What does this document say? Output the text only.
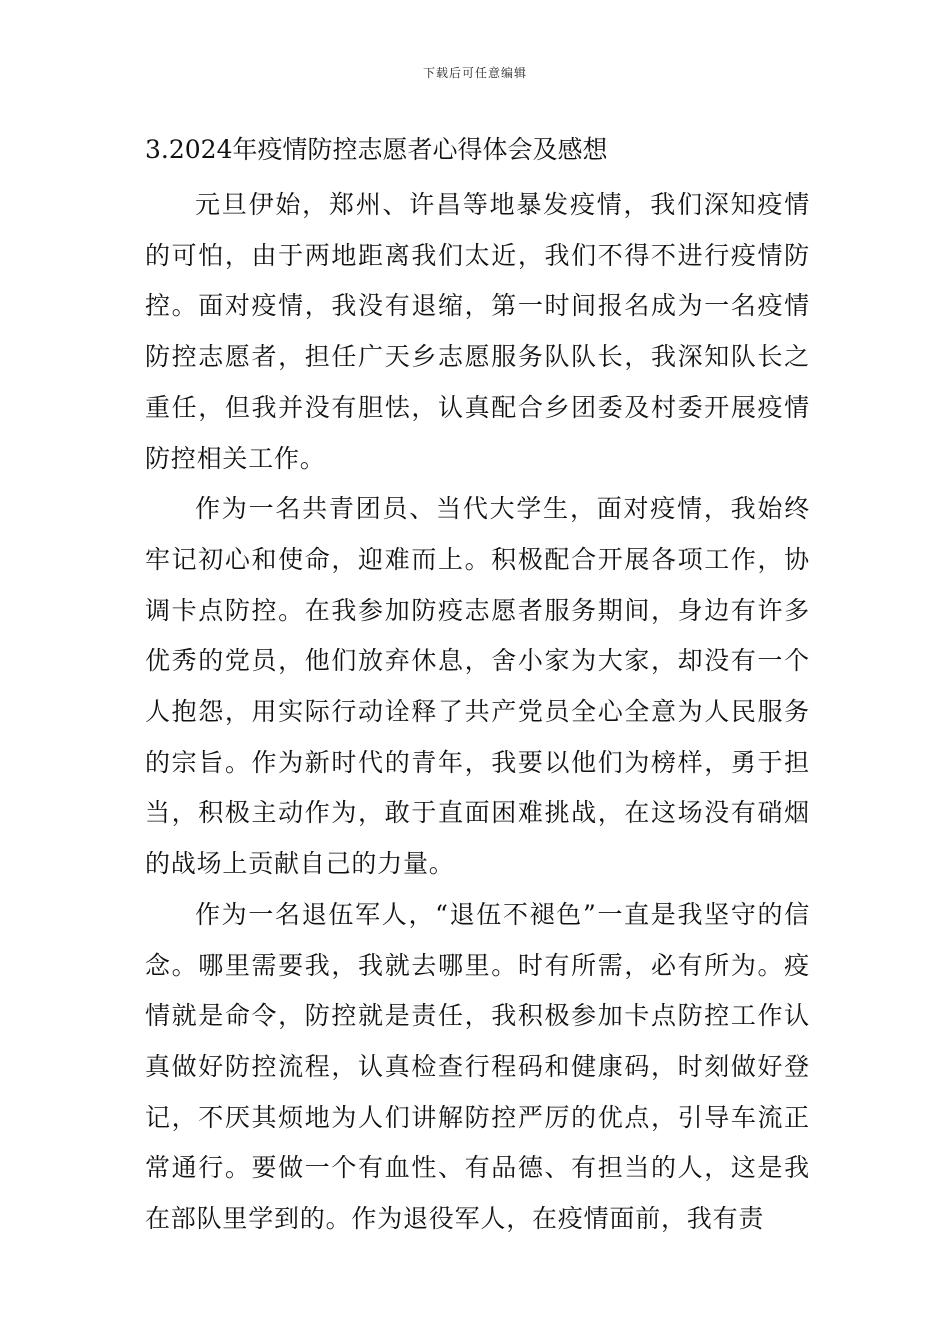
下载后可任意编辑
3.2024年疫情防控志愿者心得体会及感想

元旦伊始，郑州、许昌等地暴发疫情，我们深知疫情的可怕，由于两地距离我们太近，我们不得不进行疫情防控。面对疫情，我没有退缩，第一时间报名成为一名疫情防控志愿者，担任广天乡志愿服务队队长，我深知队长之重任，但我并没有胆怯，认真配合乡团委及村委开展疫情防控相关工作。

作为一名共青团员、当代大学生，面对疫情，我始终牢记初心和使命，迎难而上。积极配合开展各项工作，协调卡点防控。在我参加防疫志愿者服务期间，身边有许多优秀的党员，他们放弃休息，舍小家为大家，却没有一个人抱怨，用实际行动诠释了共产党员全心全意为人民服务的宗旨。作为新时代的青年，我要以他们为榜样，勇于担当，积极主动作为，敢于直面困难挑战，在这场没有硝烟的战场上贡献自己的力量。

作为一名退伍军人，“退伍不褪色”一直是我坚守的信念。哪里需要我，我就去哪里。时有所需，必有所为。疫情就是命令，防控就是责任，我积极参加卡点防控工作认真做好防控流程，认真检查行程码和健康码，时刻做好登记，不厌其烦地为人们讲解防控严厉的优点，引导车流正常通行。要做一个有血性、有品德、有担当的人，这是我在部队里学到的。作为退役军人，在疫情面前，我有责
